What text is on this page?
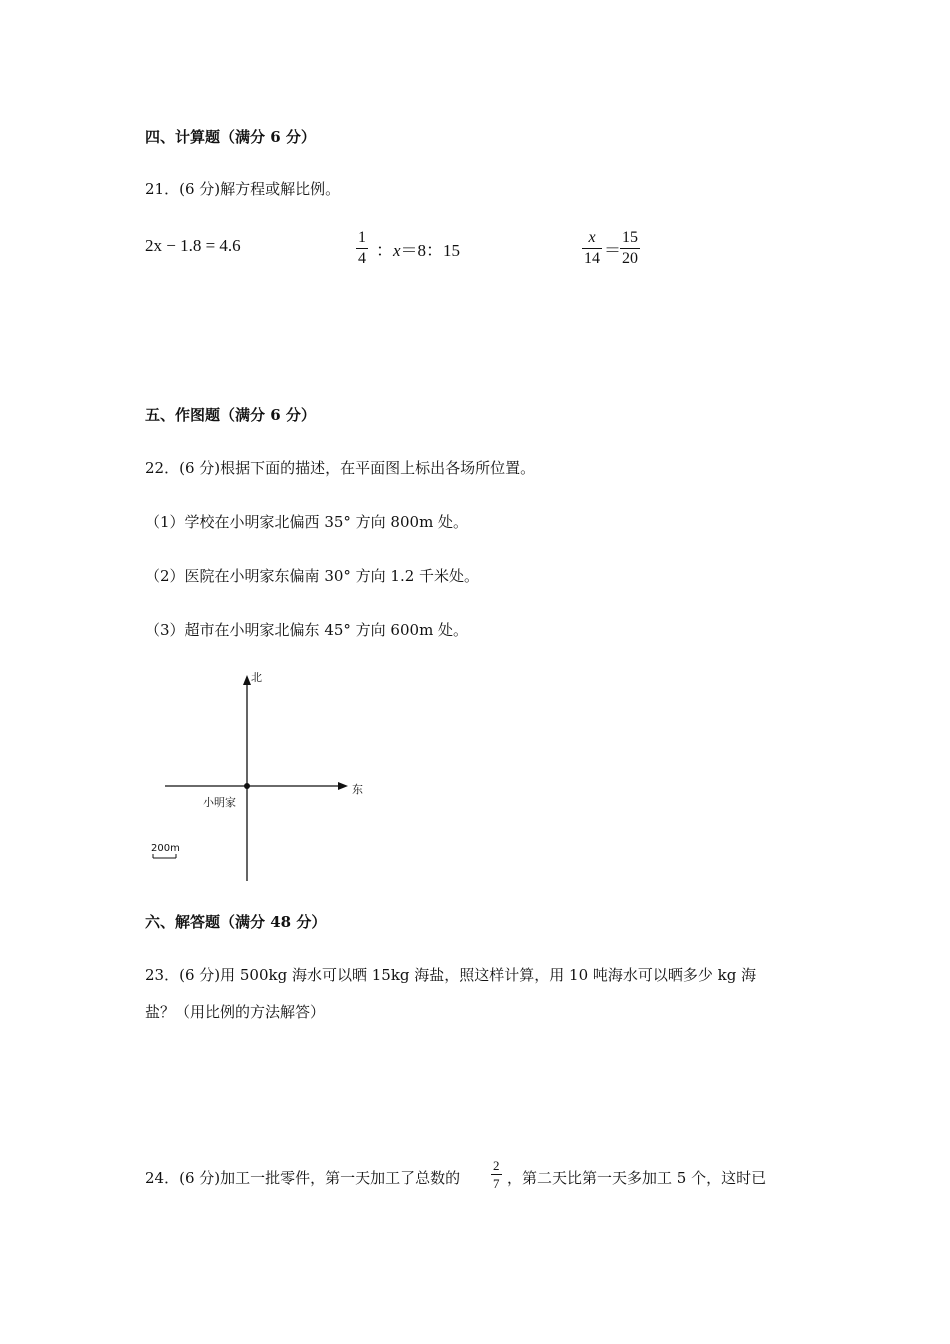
四、计算题（满分 6 分）
21．(6 分)解方程或解比例。
2x − 1.8 = 4.6	$\frac{1}{4}$ ：x＝8：15	$\frac{x}{14} = \frac{15}{20}$
五、作图题（满分 6 分）
22．(6 分)根据下面的描述，在平面图上标出各场所位置。
（1）学校在小明家北偏西 35° 方向 800m 处。
（2）医院在小明家东偏南 30° 方向 1.2 千米处。
（3）超市在小明家北偏东 45° 方向 600m 处。
北
东
小明家
200m
六、解答题（满分 48 分）
23．(6 分)用 500kg 海水可以晒 15kg 海盐，照这样计算，用 10 吨海水可以晒多少 kg 海
盐？（用比例的方法解答）
24．(6 分)加工一批零件，第一天加工了总数的 $\frac{2}{7}$ ，第二天比第一天多加工 5 个，这时已
